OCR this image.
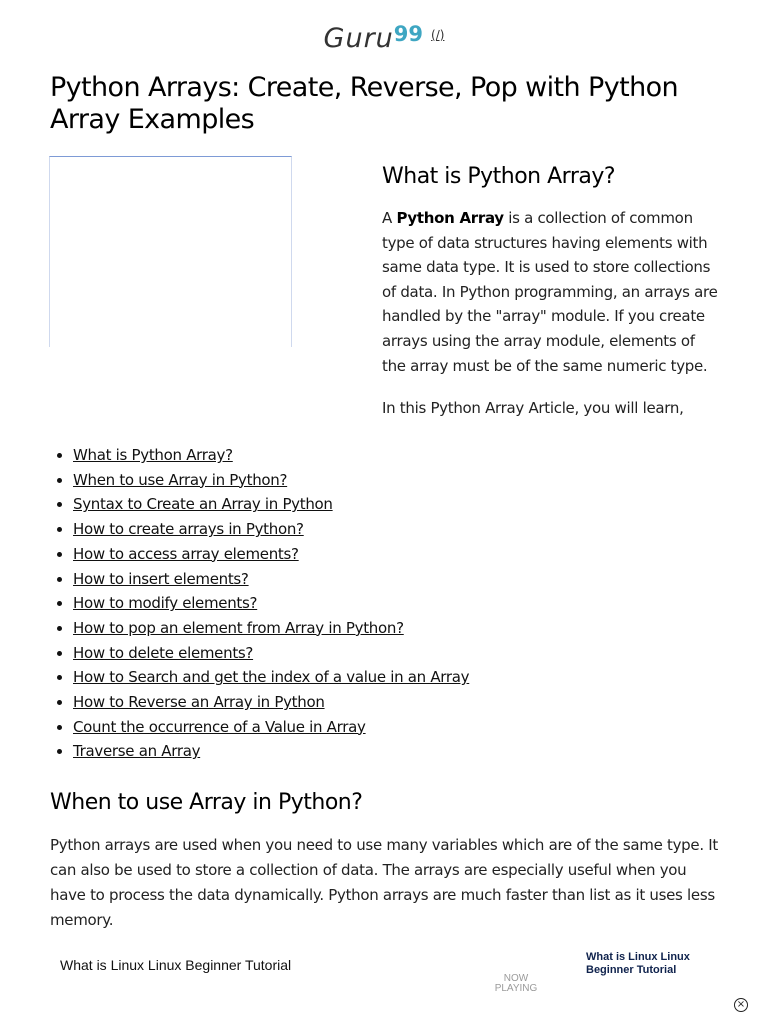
Guru99 (/)
Python Arrays: Create, Reverse, Pop with Python Array Examples
What is Python Array?

A Python Array is a collection of common type of data structures having elements with same data type. It is used to store collections of data. In Python programming, an arrays are handled by the "array" module. If you create arrays using the array module, elements of the array must be of the same numeric type.

In this Python Array Article, you will learn,

• What is Python Array?
• When to use Array in Python?
• Syntax to Create an Array in Python
• How to create arrays in Python?
• How to access array elements?
• How to insert elements?
• How to modify elements?
• How to pop an element from Array in Python?
• How to delete elements?
• How to Search and get the index of a value in an Array
• How to Reverse an Array in Python
• Count the occurrence of a Value in Array
• Traverse an Array
When to use Array in Python?

Python arrays are used when you need to use many variables which are of the same type. It can also be used to store a collection of data. The arrays are especially useful when you have to process the data dynamically. Python arrays are much faster than list as it uses less memory.

What is Linux Linux Beginner Tutorial
NOW PLAYING
What is Linux Linux Beginner Tutorial
×
